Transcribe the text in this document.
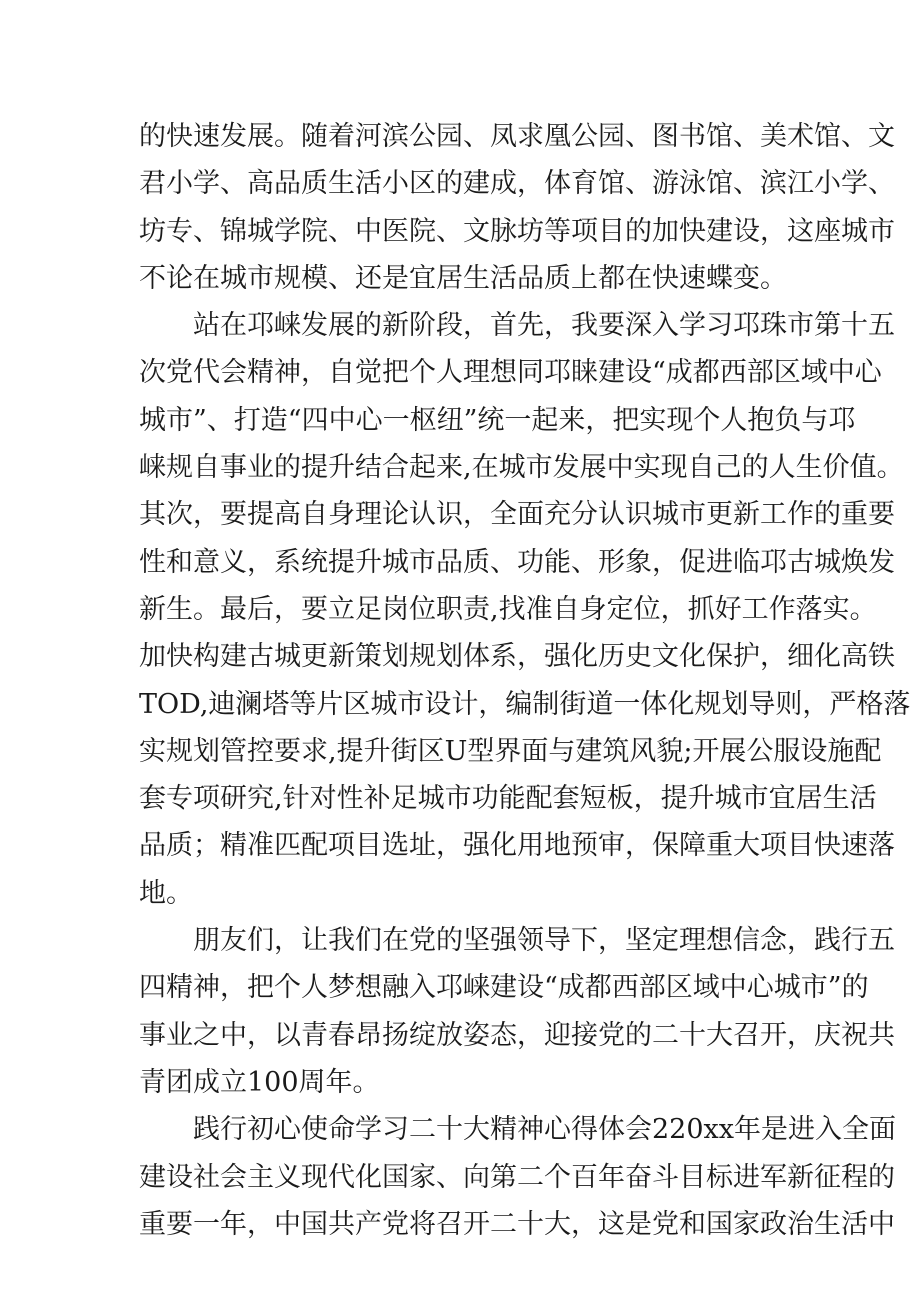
的快速发展。随着河滨公园、凤求凰公园、图书馆、美术馆、文
君小学、高品质生活小区的建成，体育馆、游泳馆、滨江小学、
坊专、锦城学院、中医院、文脉坊等项目的加快建设，这座城市
不论在城市规模、还是宜居生活品质上都在快速蝶变。
站在邛崃发展的新阶段，首先，我要深入学习邛珠市第十五
次党代会精神，自觉把个人理想同邛睐建设“成都西部区域中心
城市”、打造“四中心一枢纽”统一起来，把实现个人抱负与邛
崃规自事业的提升结合起来,在城市发展中实现自己的人生价值。
其次，要提高自身理论认识，全面充分认识城市更新工作的重要
性和意义，系统提升城市品质、功能、形象，促进临邛古城焕发
新生。最后，要立足岗位职责,找准自身定位，抓好工作落实。
加快构建古城更新策划规划体系，强化历史文化保护，细化高铁
TOD,迪澜塔等片区城市设计，编制街道一体化规划导则，严格落
实规划管控要求,提升街区U型界面与建筑风貌;开展公服设施配
套专项研究,针对性补足城市功能配套短板，提升城市宜居生活
品质；精准匹配项目选址，强化用地预审，保障重大项目快速落
地。
朋友们，让我们在党的坚强领导下，坚定理想信念，践行五
四精神，把个人梦想融入邛崃建设“成都西部区域中心城市”的
事业之中，以青春昂扬绽放姿态，迎接党的二十大召开，庆祝共
青团成立100周年。
践行初心使命学习二十大精神心得体会220xx年是进入全面
建设社会主义现代化国家、向第二个百年奋斗目标进军新征程的
重要一年，中国共产党将召开二十大，这是党和国家政治生活中
